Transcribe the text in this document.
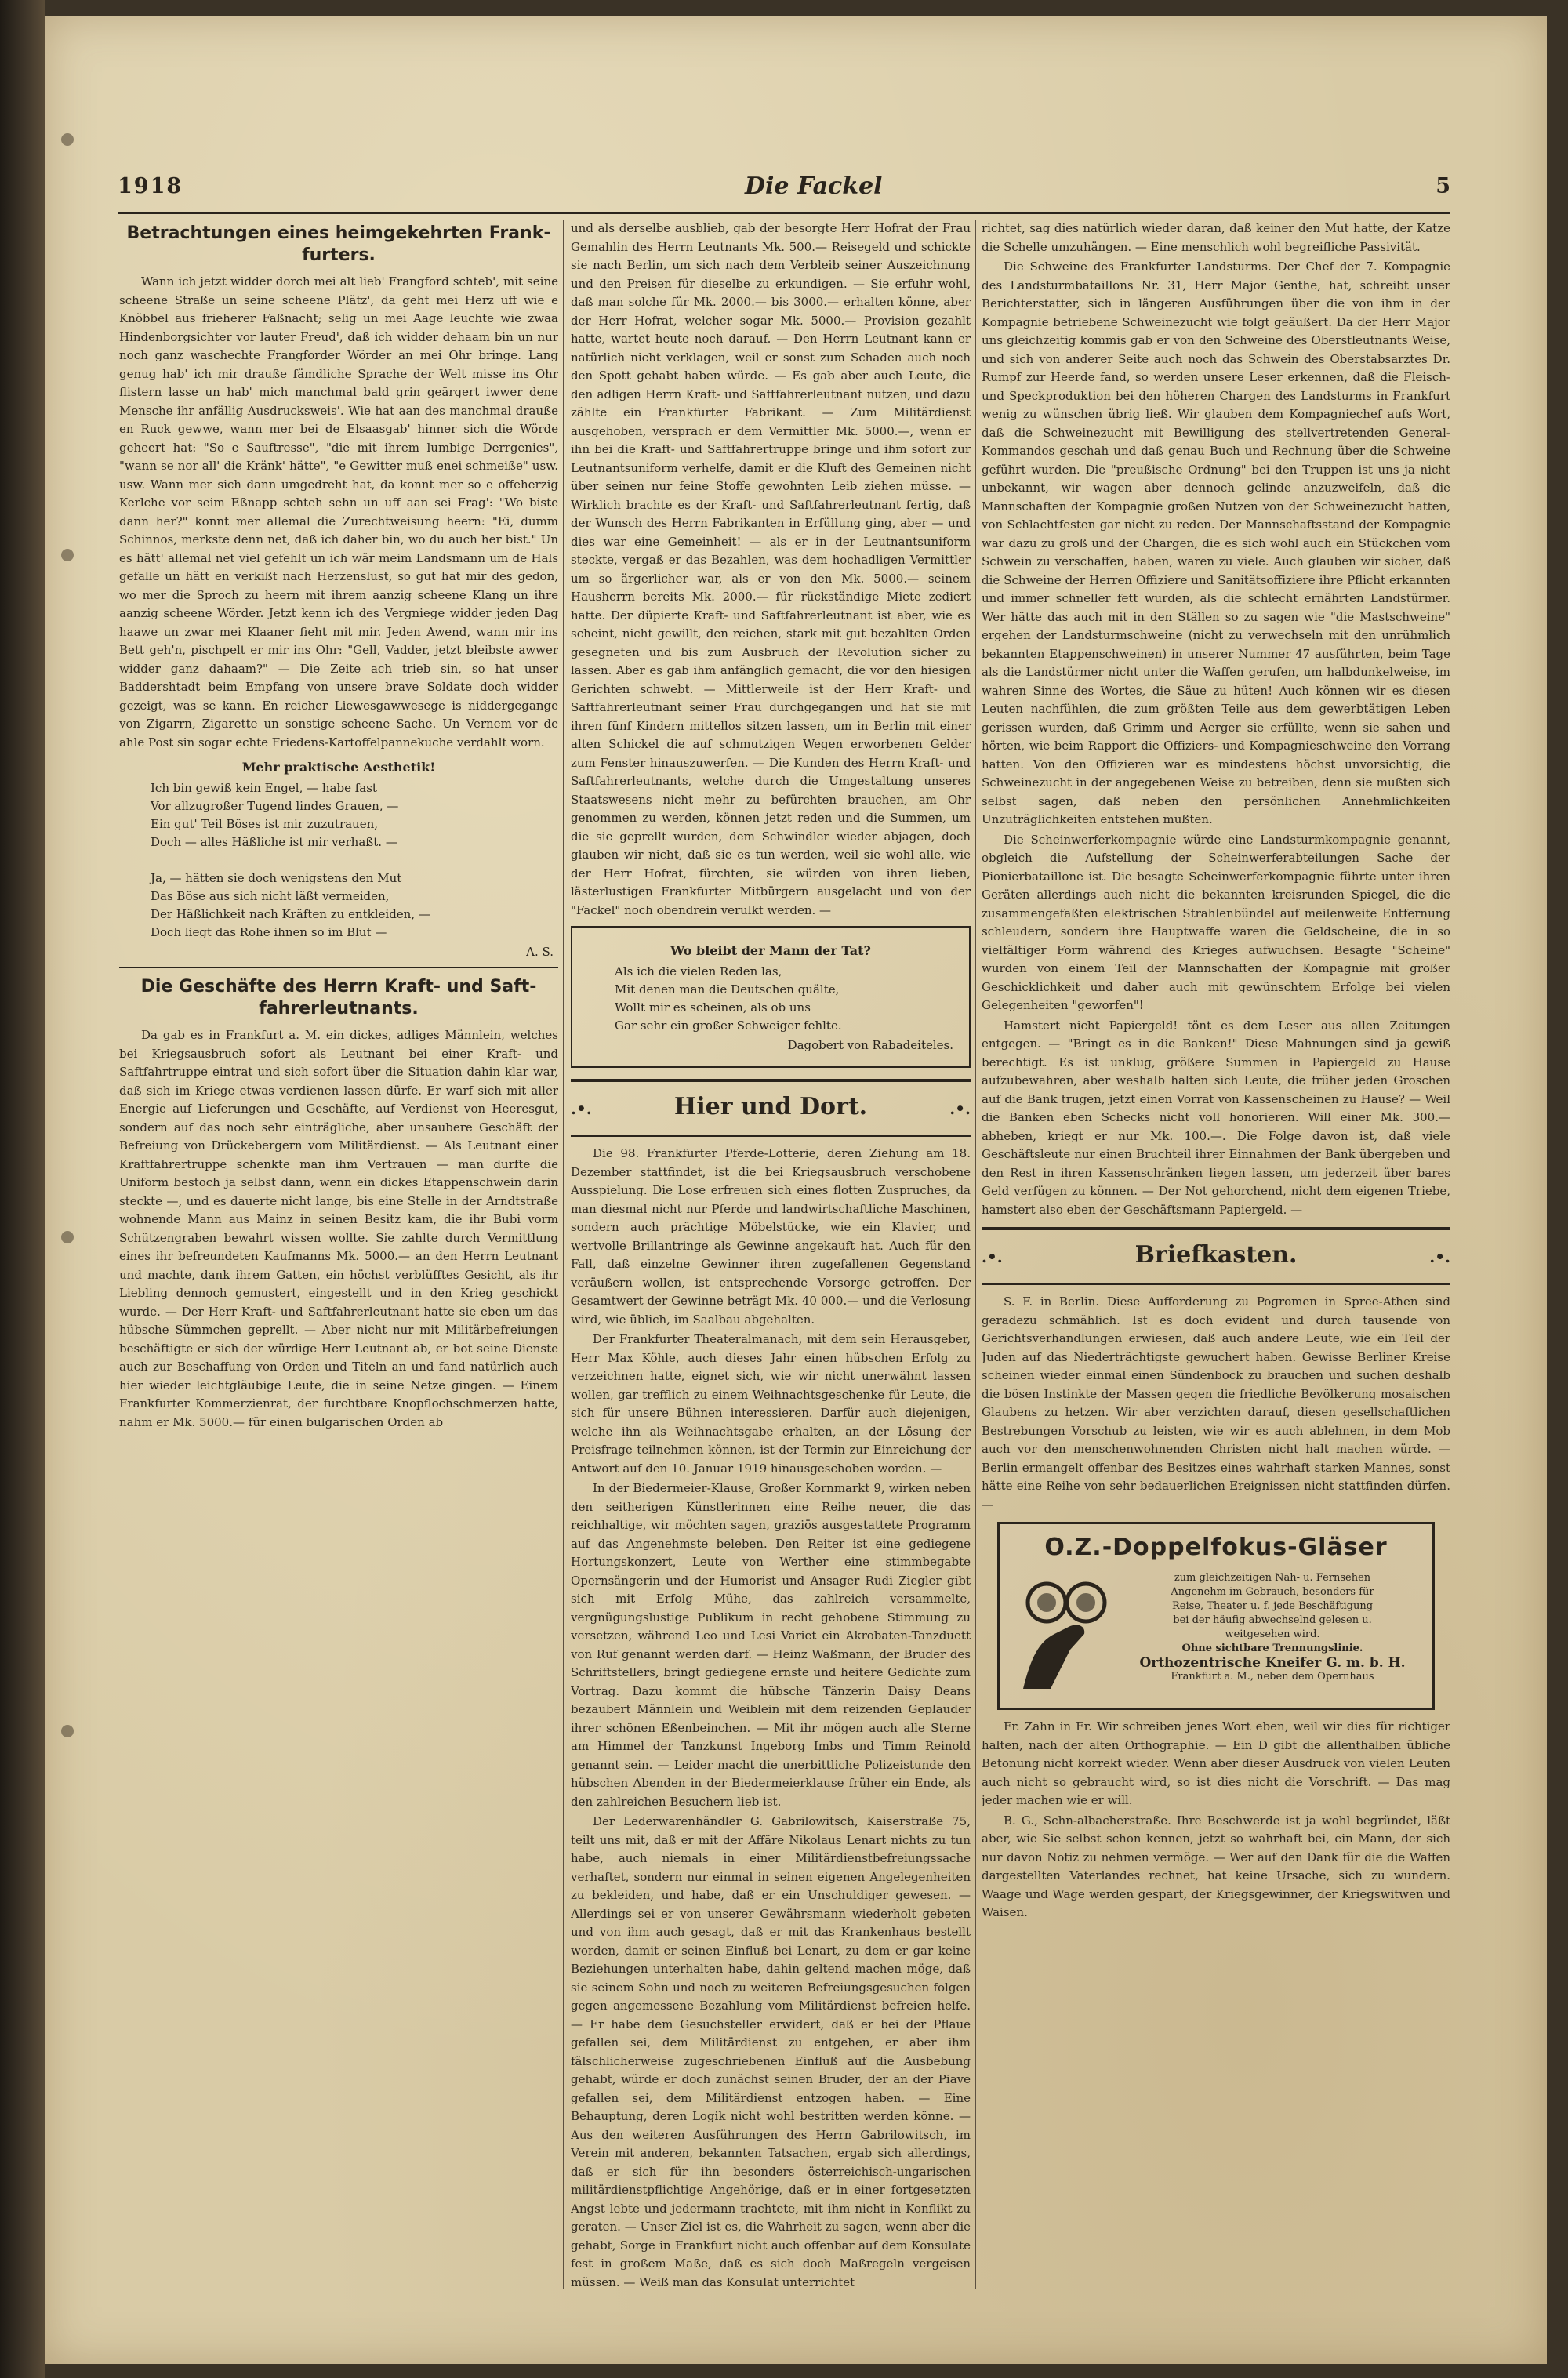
1918	Die Fackel	5
Betrachtungen eines heimgekehrten Frank-furters.

Wann ich jetzt widder dorch mei alt lieb' Frangford schteb', mit seine scheene Straße un seine scheene Plätz', da geht mei Herz uff wie e Knöbbel aus frieherer Faßnacht; selig un mei Aage leuchte wie zwaa Hindenborgsichter vor lauter Freud', daß ich widder dehaam bin un nur noch ganz waschechte Frangforder Wörder an mei Ohr bringe. Lang genug hab' ich mir drauße fämdliche Sprache der Welt misse ins Ohr flistern lasse un hab' mich manchmal bald grin geärgert iwwer dene Mensche ihr anfällig Ausdrucksweis'. Wie hat aan des manchmal drauße en Ruck gewwe, wann mer bei de Elsaasgab' hinner sich die Wörde geheert hat: "So e Sauftresse", "die mit ihrem lumbige Derrgenies", "wann se nor all' die Kränk' hätte", "e Gewitter muß enei schmeiße" usw. usw. Wann mer sich dann umgedreht hat, da konnt mer so e offeherzig Kerlche vor seim Eßnapp schteh sehn un uff aan sei Frag': "Wo biste dann her?" konnt mer allemal die Zurechtweisung heern: "Ei, dumm Schinnos, merkste denn net, daß ich daher bin, wo du auch her bist." Un es hätt' allemal net viel gefehlt un ich wär meim Landsmann um de Hals gefalle un hätt en verkißt nach Herzenslust, so gut hat mir des gedon, wo mer die Sproch zu heern mit ihrem aanzig scheene Klang un ihre aanzig scheene Wörder. Jetzt kenn ich des Vergniege widder jeden Dag haawe un zwar mei Klaaner fieht mit mir. Jeden Awend, wann mir ins Bett geh'n, pischpelt er mir ins Ohr: "Gell, Vadder, jetzt bleibste awwer widder ganz dahaam?" — Die Zeite ach trieb sin, so hat unser Baddershtadt beim Empfang von unsere brave Soldate doch widder gezeigt, was se kann. En reicher Liewesgawwesege is niddergegange von Zigarrn, Zigarette un sonstige scheene Sache. Un Vernem vor de ahle Post sin sogar echte Friedens-Kartoffelpannekuche verdahlt worn.

Mehr praktische Aesthetik!
Ich bin gewiß kein Engel, — habe fast
Vor allzugroßer Tugend lindes Grauen, —
Ein gut' Teil Böses ist mir zuzutrauen,
Doch — alles Häßliche ist mir verhaßt. —

Ja, — hätten sie doch wenigstens den Mut
Das Böse aus sich nicht läßt vermeiden,
Der Häßlichkeit nach Kräften zu entkleiden, —
Doch liegt das Rohe ihnen so im Blut —
A. S.
Die Geschäfte des Herrn Kraft- und Saft-fahrerleutnants.

Da gab es in Frankfurt a. M. ein dickes, adliges Männlein, welches bei Kriegsausbruch sofort als Leutnant bei einer Kraft- und Saftfahrtruppe eintrat und sich sofort über die Situation dahin klar war, daß sich im Kriege etwas verdienen lassen dürfe. Er warf sich mit aller Energie auf Lieferungen und Geschäfte, auf Verdienst von Heeresgut, sondern auf das noch sehr einträgliche, aber unsaubere Geschäft der Befreiung von Drückebergern vom Militärdienst. — Als Leutnant einer Kraftfahrertruppe schenkte man ihm Vertrauen — man durfte die Uniform bestoch ja selbst dann, wenn ein dickes Etappenschwein darin steckte —, und es dauerte nicht lange, bis eine Stelle in der Arndtstraße wohnende Mann aus Mainz in seinen Besitz kam, die ihr Bubi vorm Schützengraben bewahrt wissen wollte. Sie zahlte durch Vermittlung eines ihr befreundeten Kaufmanns Mk. 5000.— an den Herrn Leutnant und machte, dank ihrem Gatten, ein höchst verblüfftes Gesicht, als ihr Liebling dennoch gemustert, eingestellt und in den Krieg geschickt wurde. — Der Herr Kraft- und Saftfahrerleutnant hatte sie eben um das hübsche Sümmchen geprellt. — Aber nicht nur mit Militärbefreiungen beschäftigte er sich der würdige Herr Leutnant ab, er bot seine Dienste auch zur Beschaffung von Orden und Titeln an und fand natürlich auch hier wieder leichtgläubige Leute, die in seine Netze gingen. — Einem Frankfurter Kommerzienrat, der furchtbare Knopflochschmerzen hatte, nahm er Mk. 5000.— für einen bulgarischen Orden ab

und als derselbe ausblieb, gab der besorgte Herr Hofrat der Frau Gemahlin des Herrn Leutnants Mk. 500.— Reisegeld und schickte sie nach Berlin, um sich nach dem Verbleib seiner Auszeichnung und den Preisen für dieselbe zu erkundigen. — Sie erfuhr wohl, daß man solche für Mk. 2000.— bis 3000.— erhalten könne, aber der Herr Hofrat, welcher sogar Mk. 5000.— Provision gezahlt hatte, wartet heute noch darauf. — Den Herrn Leutnant kann er natürlich nicht verklagen, weil er sonst zum Schaden auch noch den Spott gehabt haben würde. — Es gab aber auch Leute, die den adligen Herrn Kraft- und Saftfahrerleutnant nutzen, und dazu zählte ein Frankfurter Fabrikant. — Zum Militärdienst ausgehoben, versprach er dem Vermittler Mk. 5000.—, wenn er ihn bei die Kraft- und Saftfahrertruppe bringe und ihm sofort zur Leutnantsuniform verhelfe, damit er die Kluft des Gemeinen nicht über seinen nur feine Stoffe gewohnten Leib ziehen müsse. — Wirklich brachte es der Kraft- und Saftfahrerleutnant fertig, daß der Wunsch des Herrn Fabrikanten in Erfüllung ging, aber — und dies war eine Gemeinheit! — als er in der Leutnantsuniform steckte, vergaß er das Bezahlen, was dem hochadligen Vermittler um so ärgerlicher war, als er von den Mk. 5000.— seinem Hausherrn bereits Mk. 2000.— für rückständige Miete zediert hatte. Der düpierte Kraft- und Saftfahrerleutnant ist aber, wie es scheint, nicht gewillt, den reichen, stark mit gut bezahlten Orden gesegneten und bis zum Ausbruch der Revolution sicher zu lassen. Aber es gab ihm anfänglich gemacht, die vor den hiesigen Gerichten schwebt. — Mittlerweile ist der Herr Kraft- und Saftfahrerleutnant seiner Frau durchgegangen und hat sie mit ihren fünf Kindern mittellos sitzen lassen, um in Berlin mit einer alten Schickel die auf schmutzigen Wegen erworbenen Gelder zum Fenster hinauszuwerfen. — Die Kunden des Herrn Kraft- und Saftfahrerleutnants, welche durch die Umgestaltung unseres Staatswesens nicht mehr zu befürchten brauchen, am Ohr genommen zu werden, können jetzt reden und die Summen, um die sie geprellt wurden, dem Schwindler wieder abjagen, doch glauben wir nicht, daß sie es tun werden, weil sie wohl alle, wie der Herr Hofrat, fürchten, sie würden von ihren lieben, lästerlustigen Frankfurter Mitbürgern ausgelacht und von der "Fackel" noch obendrein verulkt werden. —

Wo bleibt der Mann der Tat?
Als ich die vielen Reden las,
Mit denen man die Deutschen quälte,
Wollt mir es scheinen, als ob uns
Gar sehr ein großer Schweiger fehlte.
Dagobert von Rabadeiteles.
.•.	Hier und Dort.	.•.

Die 98. Frankfurter Pferde-Lotterie, deren Ziehung am 18. Dezember stattfindet, ist die bei Kriegsausbruch verschobene Ausspielung. Die Lose erfreuen sich eines flotten Zuspruches, da man diesmal nicht nur Pferde und landwirtschaftliche Maschinen, sondern auch prächtige Möbelstücke, wie ein Klavier, und wertvolle Brillantringe als Gewinne angekauft hat. Auch für den Fall, daß einzelne Gewinner ihren zugefallenen Gegenstand veräußern wollen, ist entsprechende Vorsorge getroffen. Der Gesamtwert der Gewinne beträgt Mk. 40 000.— und die Verlosung wird, wie üblich, im Saalbau abgehalten.

Der Frankfurter Theateralmanach, mit dem sein Herausgeber, Herr Max Köhle, auch dieses Jahr einen hübschen Erfolg zu verzeichnen hatte, eignet sich, wie wir nicht unerwähnt lassen wollen, gar trefflich zu einem Weihnachtsgeschenke für Leute, die sich für unsere Bühnen interessieren. Darfür auch diejenigen, welche ihn als Weihnachtsgabe erhalten, an der Lösung der Preisfrage teilnehmen können, ist der Termin zur Einreichung der Antwort auf den 10. Januar 1919 hinausgeschoben worden. —

In der Biedermeier-Klause, Großer Kornmarkt 9, wirken neben den seitherigen Künstlerinnen eine Reihe neuer, die das reichhaltige, wir möchten sagen, graziös ausgestattete Programm auf das Angenehmste beleben. Den Reiter ist eine gediegene Hortungskonzert, Leute von Werther eine stimmbegabte Opernsängerin und der Humorist und Ansager Rudi Ziegler gibt sich mit Erfolg Mühe, das zahlreich versammelte, vergnügungslustige Publikum in recht gehobene Stimmung zu versetzen, während Leo und Lesi Variet ein Akrobaten-Tanzduett von Ruf genannt werden darf. — Heinz Waßmann, der Bruder des Schriftstellers, bringt gediegene ernste und heitere Gedichte zum Vortrag. Dazu kommt die hübsche Tänzerin Daisy Deans bezaubert Männlein und Weiblein mit dem reizenden Geplauder ihrer schönen Eßenbeinchen. — Mit ihr mögen auch alle Sterne am Himmel der Tanzkunst Ingeborg Imbs und Timm Reinold genannt sein. — Leider macht die unerbittliche Polizeistunde den hübschen Abenden in der Biedermeierklause früher ein Ende, als den zahlreichen Besuchern lieb ist.

Der Lederwarenhändler G. Gabrilowitsch, Kaiserstraße 75, teilt uns mit, daß er mit der Affäre Nikolaus Lenart nichts zu tun habe, auch niemals in einer Militärdienstbefreiungssache verhaftet, sondern nur einmal in seinen eigenen Angelegenheiten zu bekleiden, und habe, daß er ein Unschuldiger gewesen. — Allerdings sei er von unserer Gewährsmann wiederholt gebeten und von ihm auch gesagt, daß er mit das Krankenhaus bestellt worden, damit er seinen Einfluß bei Lenart, zu dem er gar keine Beziehungen unterhalten habe, dahin geltend machen möge, daß sie seinem Sohn und noch zu weiteren Befreiungsgesuchen folgen gegen angemessene Bezahlung vom Militärdienst befreien helfe. — Er habe dem Gesuchsteller erwidert, daß er bei der Pflaue gefallen sei, dem Militärdienst zu entgehen, er aber ihm fälschlicherweise zugeschriebenen Einfluß auf die Ausbebung gehabt, würde er doch zunächst seinen Bruder, der an der Piave gefallen sei, dem Militärdienst entzogen haben. — Eine Behauptung, deren Logik nicht wohl bestritten werden könne. — Aus den weiteren Ausführungen des Herrn Gabrilowitsch, im Verein mit anderen, bekannten Tatsachen, ergab sich allerdings, daß er sich für ihn besonders österreichisch-ungarischen militärdienstpflichtige Angehörige, daß er in einer fortgesetzten Angst lebte und jedermann trachtete, mit ihm nicht in Konflikt zu geraten. — Unser Ziel ist es, die Wahrheit zu sagen, wenn aber die gehabt, Sorge in Frankfurt nicht auch offenbar auf dem Konsulate fest in großem Maße, daß es sich doch Maßregeln vergeisen müssen. — Weiß man das Konsulat unterrichtet

richtet, sag dies natürlich wieder daran, daß keiner den Mut hatte, der Katze die Schelle umzuhängen. — Eine menschlich wohl begreifliche Passivität.

Die Schweine des Frankfurter Landsturms. Der Chef der 7. Kompagnie des Landsturmbataillons Nr. 31, Herr Major Genthe, hat, schreibt unser Berichterstatter, sich in längeren Ausführungen über die von ihm in der Kompagnie betriebene Schweinezucht wie folgt geäußert. Da der Herr Major uns gleichzeitig kommis gab er von den Schweine des Oberstleutnants Weise, und sich von anderer Seite auch noch das Schwein des Oberstabsarztes Dr. Rumpf zur Heerde fand, so werden unsere Leser erkennen, daß die Fleisch- und Speckproduktion bei den höheren Chargen des Landsturms in Frankfurt wenig zu wünschen übrig ließ. Wir glauben dem Kompagniechef aufs Wort, daß die Schweinezucht mit Bewilligung des stellvertretenden General-Kommandos geschah und daß genau Buch und Rechnung über die Schweine geführt wurden. Die "preußische Ordnung" bei den Truppen ist uns ja nicht unbekannt, wir wagen aber dennoch gelinde anzuzweifeln, daß die Mannschaften der Kompagnie großen Nutzen von der Schweinezucht hatten, von Schlachtfesten gar nicht zu reden. Der Mannschaftsstand der Kompagnie war dazu zu groß und der Chargen, die es sich wohl auch ein Stückchen vom Schwein zu verschaffen, haben, waren zu viele. Auch glauben wir sicher, daß die Schweine der Herren Offiziere und Sanitätsoffiziere ihre Pflicht erkannten und immer schneller fett wurden, als die schlecht ernährten Landstürmer. Wer hätte das auch mit in den Ställen so zu sagen wie "die Mastschweine" ergehen der Landsturmschweine (nicht zu verwechseln mit den unrühmlich bekannten Etappenschweinen) in unserer Nummer 47 ausführten, beim Tage als die Landstürmer nicht unter die Waffen gerufen, um halbdunkelweise, im wahren Sinne des Wortes, die Säue zu hüten! Auch können wir es diesen Leuten nachfühlen, die zum größten Teile aus dem gewerbtätigen Leben gerissen wurden, daß Grimm und Aerger sie erfüllte, wenn sie sahen und hörten, wie beim Rapport die Offiziers- und Kompagnieschweine den Vorrang hatten. Von den Offizieren war es mindestens höchst unvorsichtig, die Schweinezucht in der angegebenen Weise zu betreiben, denn sie mußten sich selbst sagen, daß neben den persönlichen Annehmlichkeiten Unzuträglichkeiten entstehen mußten.

Die Scheinwerferkompagnie würde eine Landsturmkompagnie genannt, obgleich die Aufstellung der Scheinwerferabteilungen Sache der Pionierbataillone ist. Die besagte Scheinwerferkompagnie führte unter ihren Geräten allerdings auch nicht die bekannten kreisrunden Spiegel, die die zusammengefaßten elektrischen Strahlenbündel auf meilenweite Entfernung schleudern, sondern ihre Hauptwaffe waren die Geldscheine, die in so vielfältiger Form während des Krieges aufwuchsen. Besagte "Scheine" wurden von einem Teil der Mannschaften der Kompagnie mit großer Geschicklichkeit und daher auch mit gewünschtem Erfolge bei vielen Gelegenheiten "geworfen"!

Hamstert nicht Papiergeld! tönt es dem Leser aus allen Zeitungen entgegen. — "Bringt es in die Banken!" Diese Mahnungen sind ja gewiß berechtigt. Es ist unklug, größere Summen in Papiergeld zu Hause aufzubewahren, aber weshalb halten sich Leute, die früher jeden Groschen auf die Bank trugen, jetzt einen Vorrat von Kassenscheinen zu Hause? — Weil die Banken eben Schecks nicht voll honorieren. Will einer Mk. 300.— abheben, kriegt er nur Mk. 100.—. Die Folge davon ist, daß viele Geschäftsleute nur einen Bruchteil ihrer Einnahmen der Bank übergeben und den Rest in ihren Kassenschränken liegen lassen, um jederzeit über bares Geld verfügen zu können. — Der Not gehorchend, nicht dem eigenen Triebe, hamstert also eben der Geschäftsmann Papiergeld. —

.•.	Briefkasten.	.•.

S. F. in Berlin. Diese Aufforderung zu Pogromen in Spree-Athen sind geradezu schmählich. Ist es doch evident und durch tausende von Gerichtsverhandlungen erwiesen, daß auch andere Leute, wie ein Teil der Juden auf das Niederträchtigste gewuchert haben. Gewisse Berliner Kreise scheinen wieder einmal einen Sündenbock zu brauchen und suchen deshalb die bösen Instinkte der Massen gegen die friedliche Bevölkerung mosaischen Glaubens zu hetzen. Wir aber verzichten darauf, diesen gesellschaftlichen Bestrebungen Vorschub zu leisten, wie wir es auch ablehnen, in dem Mob auch vor den menschenwohnenden Christen nicht halt machen würde. — Berlin ermangelt offenbar des Besitzes eines wahrhaft starken Mannes, sonst hätte eine Reihe von sehr bedauerlichen Ereignissen nicht stattfinden dürfen. —

O.Z.-Doppelfokus-Gläser
zum gleichzeitigen Nah- u. Fernsehen
Angenehm im Gebrauch, besonders für
Reise, Theater u. f. jede Beschäftigung
bei der häufig abwechselnd gelesen u.
weitgesehen wird.
Ohne sichtbare Trennungslinie.
Orthozentrische Kneifer G. m. b. H.
Frankfurt a. M., neben dem Opernhaus

Fr. Zahn in Fr. Wir schreiben jenes Wort eben, weil wir dies für richtiger halten, nach der alten Orthographie. — Ein D gibt die allenthalben übliche Betonung nicht korrekt wieder. Wenn aber dieser Ausdruck von vielen Leuten auch nicht so gebraucht wird, so ist dies nicht die Vorschrift. — Das mag jeder machen wie er will.

B. G., Schn-albacherstraße. Ihre Beschwerde ist ja wohl begründet, läßt aber, wie Sie selbst schon kennen, jetzt so wahrhaft bei, ein Mann, der sich nur davon Notiz zu nehmen vermöge. — Wer auf den Dank für die die Waffen dargestellten Vaterlandes rechnet, hat keine Ursache, sich zu wundern. Waage und Wage werden gespart, der Kriegsgewinner, der Kriegswitwen und Waisen.
